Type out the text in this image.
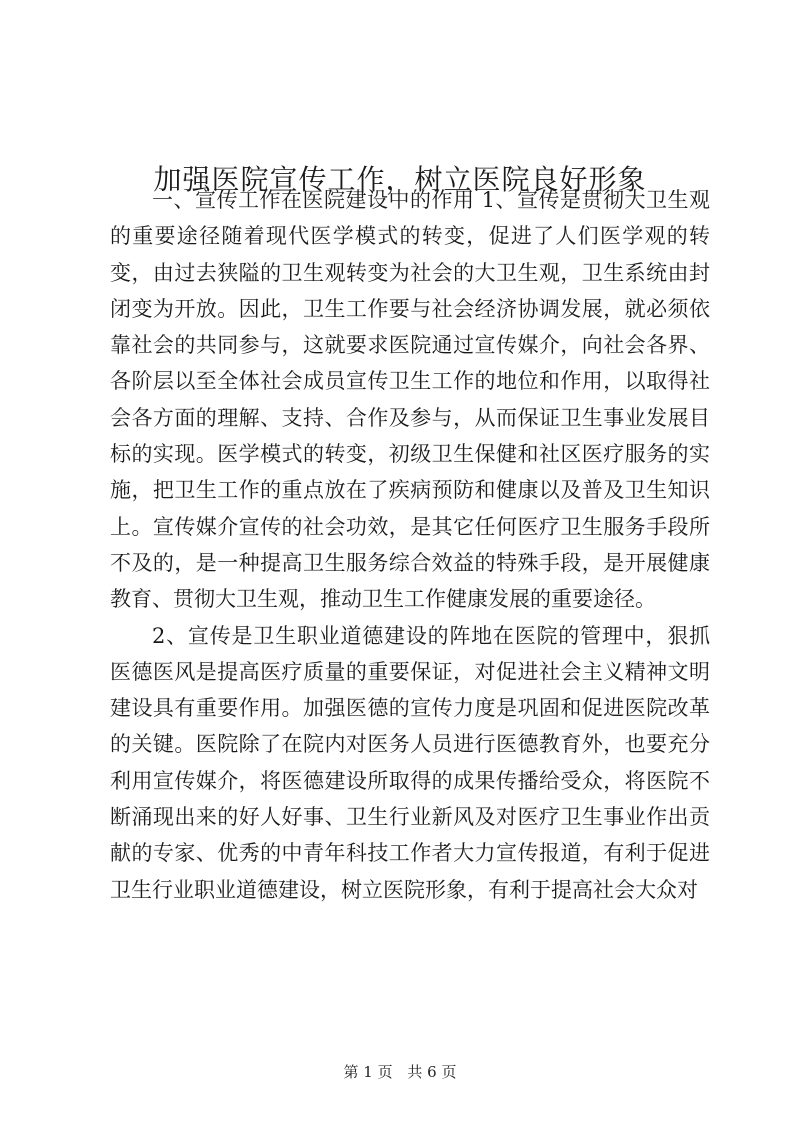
加强医院宣传工作，树立医院良好形象

一、宣传工作在医院建设中的作用 1、宣传是贯彻大卫生观的重要途径随着现代医学模式的转变，促进了人们医学观的转变，由过去狭隘的卫生观转变为社会的大卫生观，卫生系统由封闭变为开放。因此，卫生工作要与社会经济协调发展，就必须依靠社会的共同参与，这就要求医院通过宣传媒介，向社会各界、各阶层以至全体社会成员宣传卫生工作的地位和作用，以取得社会各方面的理解、支持、合作及参与，从而保证卫生事业发展目标的实现。医学模式的转变，初级卫生保健和社区医疗服务的实施，把卫生工作的重点放在了疾病预防和健康以及普及卫生知识上。宣传媒介宣传的社会功效，是其它任何医疗卫生服务手段所不及的，是一种提高卫生服务综合效益的特殊手段，是开展健康教育、贯彻大卫生观，推动卫生工作健康发展的重要途径。

2、宣传是卫生职业道德建设的阵地在医院的管理中，狠抓医德医风是提高医疗质量的重要保证，对促进社会主义精神文明建设具有重要作用。加强医德的宣传力度是巩固和促进医院改革的关键。医院除了在院内对医务人员进行医德教育外，也要充分利用宣传媒介，将医德建设所取得的成果传播给受众，将医院不断涌现出来的好人好事、卫生行业新风及对医疗卫生事业作出贡献的专家、优秀的中青年科技工作者大力宣传报道，有利于促进卫生行业职业道德建设，树立医院形象，有利于提高社会大众对

第 1 页 共 6 页
